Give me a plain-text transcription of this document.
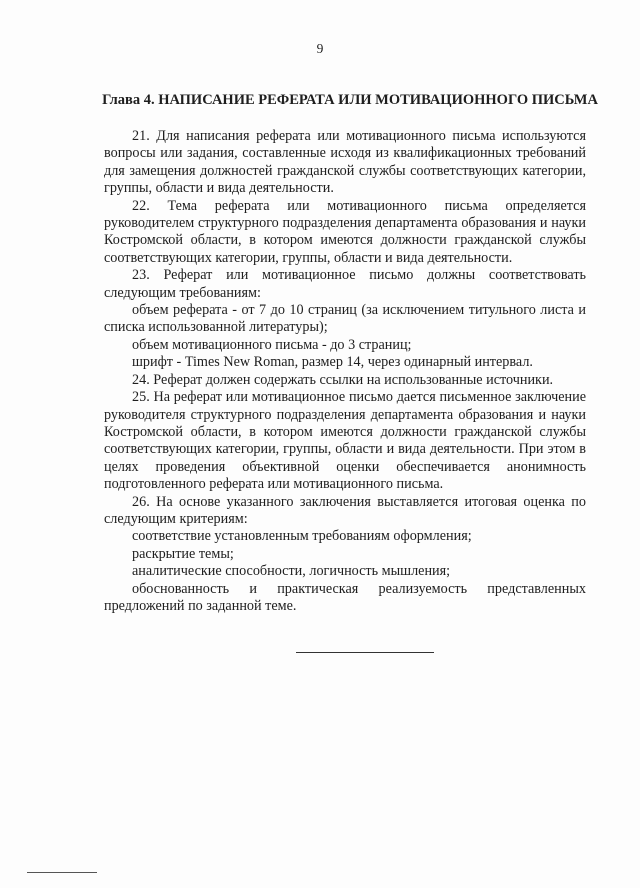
9
Глава 4. НАПИСАНИЕ РЕФЕРАТА ИЛИ МОТИВАЦИОННОГО ПИСЬМА

21. Для написания реферата или мотивационного письма используются вопросы или задания, составленные исходя из квалификационных требований для замещения должностей гражданской службы соответствующих категории, группы, области и вида деятельности.

22. Тема реферата или мотивационного письма определяется руководителем структурного подразделения департамента образования и науки Костромской области, в котором имеются должности гражданской службы соответствующих категории, группы, области и вида деятельности.

23. Реферат или мотивационное письмо должны соответствовать следующим требованиям:

объем реферата - от 7 до 10 страниц (за исключением титульного листа и списка использованной литературы);

объем мотивационного письма - до 3 страниц;

шрифт - Times New Roman, размер 14, через одинарный интервал.

24. Реферат должен содержать ссылки на использованные источники.

25. На реферат или мотивационное письмо дается письменное заключение руководителя структурного подразделения департамента образования и науки Костромской области, в котором имеются должности гражданской службы соответствующих категории, группы, области и вида деятельности. При этом в целях проведения объективной оценки обеспечивается анонимность подготовленного реферата или мотивационного письма.

26. На основе указанного заключения выставляется итоговая оценка по следующим критериям:

соответствие установленным требованиям оформления;

раскрытие темы;

аналитические способности, логичность мышления;

обоснованность и практическая реализуемость представленных предложений по заданной теме.
